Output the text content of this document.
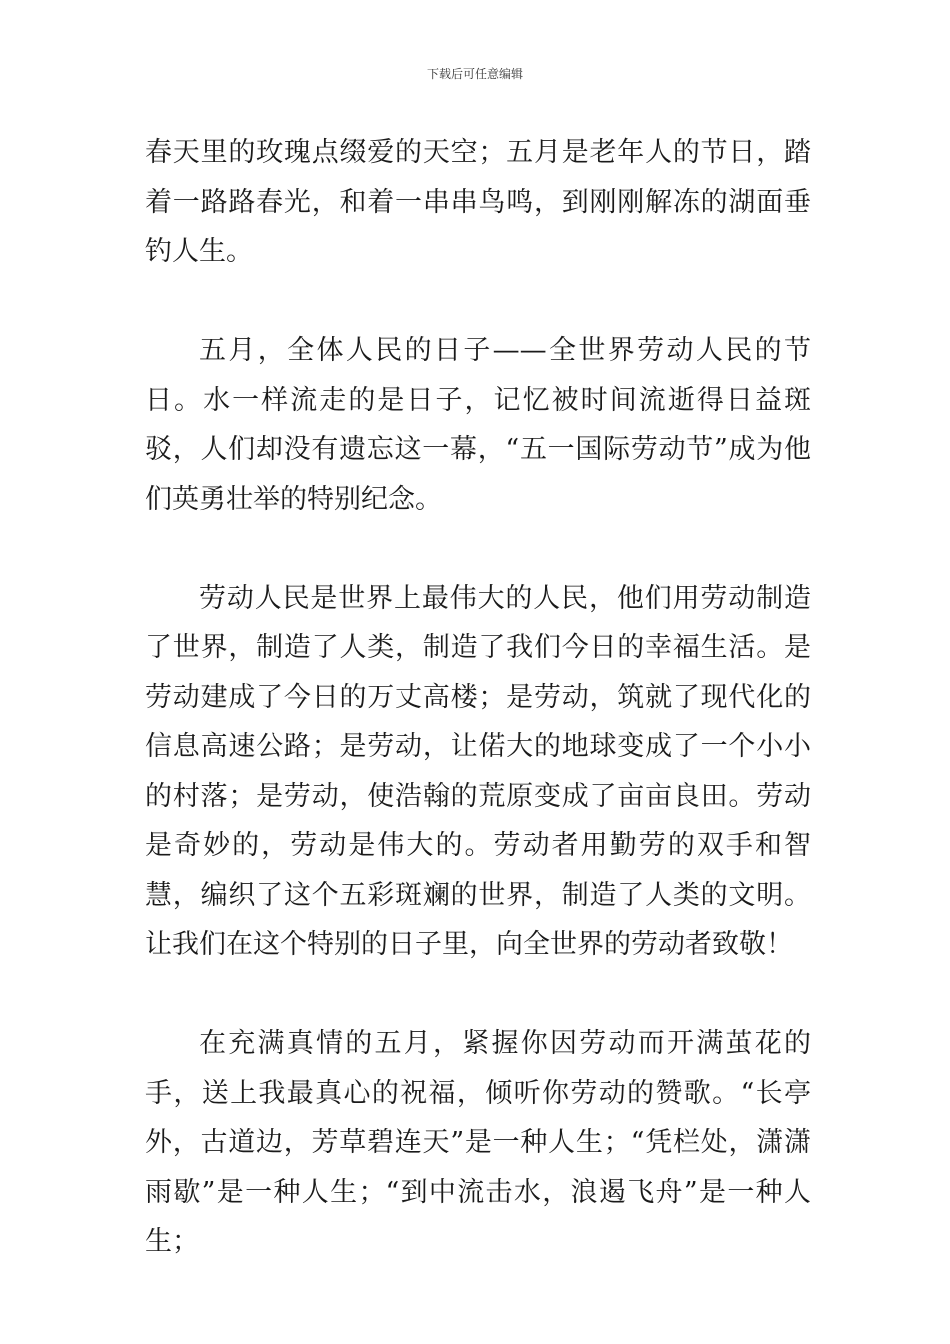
下载后可任意编辑

春天里的玫瑰点缀爱的天空；五月是老年人的节日，踏着一路路春光，和着一串串鸟鸣，到刚刚解冻的湖面垂钓人生。

五月，全体人民的日子——全世界劳动人民的节日。水一样流走的是日子，记忆被时间流逝得日益斑驳，人们却没有遗忘这一幕，“五一国际劳动节”成为他们英勇壮举的特别纪念。

劳动人民是世界上最伟大的人民，他们用劳动制造了世界，制造了人类，制造了我们今日的幸福生活。是劳动建成了今日的万丈高楼；是劳动，筑就了现代化的信息高速公路；是劳动，让偌大的地球变成了一个小小的村落；是劳动，使浩翰的荒原变成了亩亩良田。劳动是奇妙的，劳动是伟大的。劳动者用勤劳的双手和智慧，编织了这个五彩斑斓的世界，制造了人类的文明。让我们在这个特别的日子里，向全世界的劳动者致敬！

在充满真情的五月，紧握你因劳动而开满茧花的手，送上我最真心的祝福，倾听你劳动的赞歌。“长亭外，古道边，芳草碧连天”是一种人生；“凭栏处，潇潇雨歇”是一种人生；“到中流击水，浪遏飞舟”是一种人生；
